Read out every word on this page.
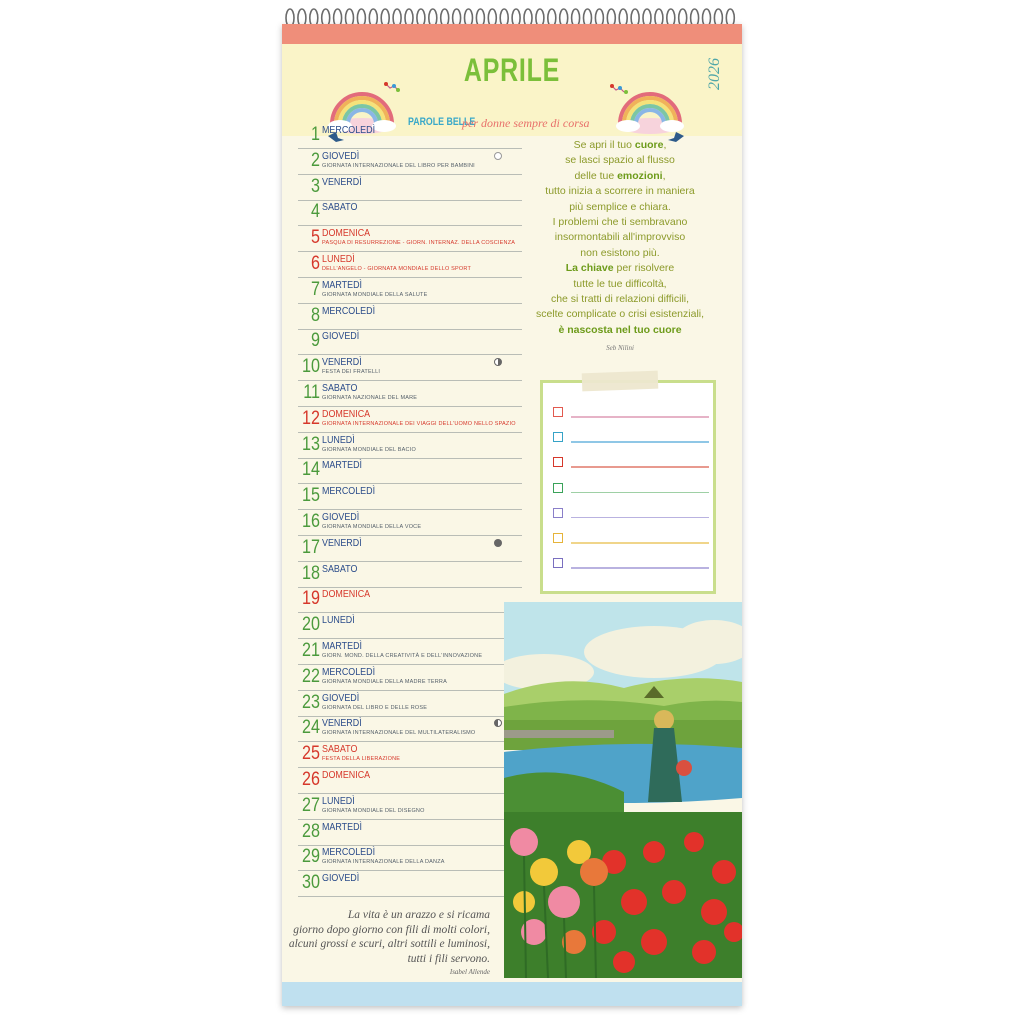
APRILE
PAROLE BELLE
per donne sempre di corsa
2026
1 MERCOLEDÌ
2 GIOVEDÌ
GIORNATA INTERNAZIONALE DEL LIBRO PER BAMBINI
3 VENERDÌ
4 SABATO
5 DOMENICA
PASQUA DI RESURREZIONE - GIORN. INTERNAZ. DELLA COSCIENZA
6 LUNEDÌ
DELL'ANGELO - GIORNATA MONDIALE DELLO SPORT
7 MARTEDÌ
GIORNATA MONDIALE DELLA SALUTE
8 MERCOLEDÌ
9 GIOVEDÌ
10 VENERDÌ
FESTA DEI FRATELLI
11 SABATO
GIORNATA NAZIONALE DEL MARE
12 DOMENICA
GIORNATA INTERNAZIONALE DEI VIAGGI DELL'UOMO NELLO SPAZIO
13 LUNEDÌ
GIORNATA MONDIALE DEL BACIO
14 MARTEDÌ
15 MERCOLEDÌ
16 GIOVEDÌ
GIORNATA MONDIALE DELLA VOCE
17 VENERDÌ
18 SABATO
19 DOMENICA
20 LUNEDÌ
21 MARTEDÌ
GIORN. MOND. DELLA CREATIVITÀ E DELL'INNOVAZIONE
22 MERCOLEDÌ
GIORNATA MONDIALE DELLA MADRE TERRA
23 GIOVEDÌ
GIORNATA DEL LIBRO E DELLE ROSE
24 VENERDÌ
GIORNATA INTERNAZIONALE DEL MULTILATERALISMO
25 SABATO
FESTA DELLA LIBERAZIONE
26 DOMENICA
27 LUNEDÌ
GIORNATA MONDIALE DEL DISEGNO
28 MARTEDÌ
29 MERCOLEDÌ
GIORNATA INTERNAZIONALE DELLA DANZA
30 GIOVEDÌ
Se apri il tuo cuore,
se lasci spazio al flusso
delle tue emozioni,
tutto inizia a scorrere in maniera
più semplice e chiara.
I problemi che ti sembravano
insormontabili all'improvviso
non esistono più.
La chiave per risolvere
tutte le tue difficoltà,
che si tratti di relazioni difficili,
scelte complicate o crisi esistenziali,
è nascosta nel tuo cuore
Seb Nilini
La vita è un arazzo e si ricama
giorno dopo giorno con fili di molti colori,
alcuni grossi e scuri, altri sottili e luminosi,
tutti i fili servono.
Isabel Allende
